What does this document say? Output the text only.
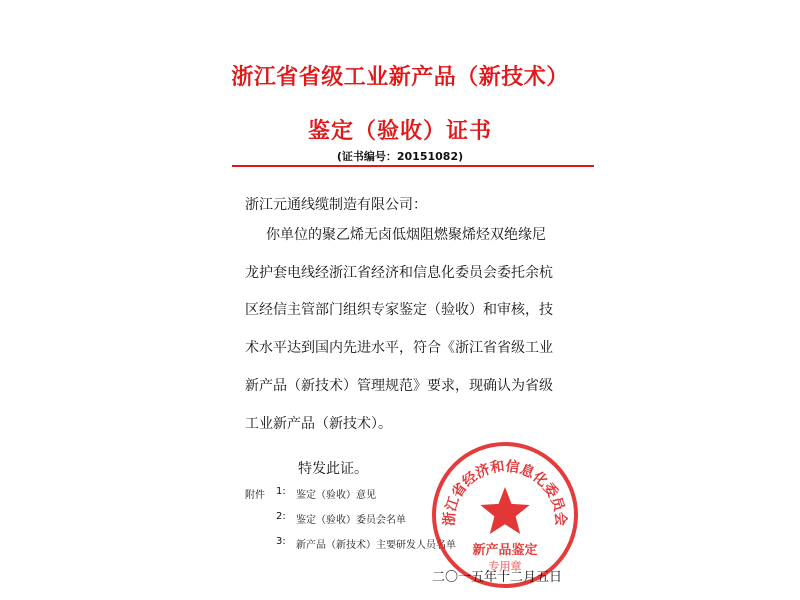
浙江省省级工业新产品（新技术）
鉴定（验收）证书
(证书编号：20151082)
浙江元通线缆制造有限公司：
你单位的聚乙烯无卤低烟阻燃聚烯烃双绝缘尼
龙护套电线经浙江省经济和信息化委员会委托余杭
区经信主管部门组织专家鉴定（验收）和审核，技
术水平达到国内先进水平，符合《浙江省省级工业
新产品（新技术）管理规范》要求，现确认为省级
工业新产品（新技术）。
特发此证。
附件 1: 鉴定（验收）意见
2: 鉴定（验收）委员会名单
3: 新产品（新技术）主要研发人员名单
浙江省经济和信息化委员会
新产品鉴定
专用章
二〇一五年十二月五日
